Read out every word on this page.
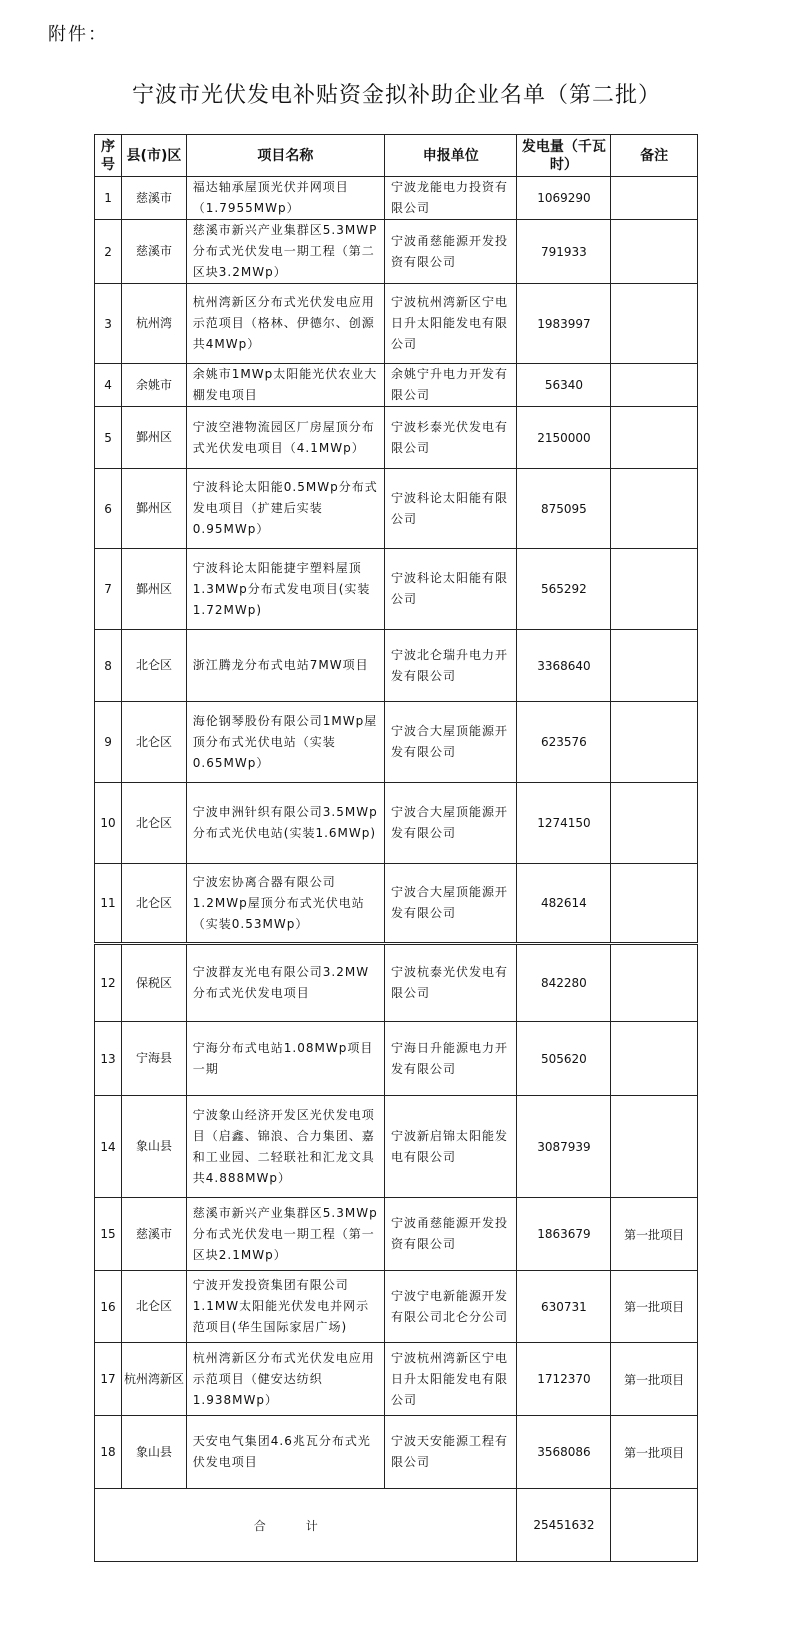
附件：
宁波市光伏发电补贴资金拟补助企业名单（第二批）
序号	县(市)区	项目名称	申报单位	发电量（千瓦时）	备注
1	慈溪市	福达轴承屋顶光伏并网项目（1.7955MWp）	宁波龙能电力投资有限公司	1069290	
2	慈溪市	慈溪市新兴产业集群区5.3MWP分布式光伏发电一期工程（第二区块3.2MWp）	宁波甬慈能源开发投资有限公司	791933	
3	杭州湾	杭州湾新区分布式光伏发电应用示范项目（格林、伊德尔、创源共4MWp）	宁波杭州湾新区宁电日升太阳能发电有限公司	1983997	
4	余姚市	余姚市1MWp太阳能光伏农业大棚发电项目	余姚宁升电力开发有限公司	56340	
5	鄞州区	宁波空港物流园区厂房屋顶分布式光伏发电项目（4.1MWp）	宁波杉泰光伏发电有限公司	2150000	
6	鄞州区	宁波科论太阳能0.5MWp分布式发电项目（扩建后实装0.95MWp）	宁波科论太阳能有限公司	875095	
7	鄞州区	宁波科论太阳能捷宇塑料屋顶1.3MWp分布式发电项目(实装1.72MWp)	宁波科论太阳能有限公司	565292	
8	北仑区	浙江腾龙分布式电站7MW项目	宁波北仑瑞升电力开发有限公司	3368640	
9	北仑区	海伦钢琴股份有限公司1MWp屋顶分布式光伏电站（实装0.65MWp）	宁波合大屋顶能源开发有限公司	623576	
10	北仑区	宁波申洲针织有限公司3.5MWp分布式光伏电站(实装1.6MWp)	宁波合大屋顶能源开发有限公司	1274150	
11	北仑区	宁波宏协离合器有限公司1.2MWp屋顶分布式光伏电站（实装0.53MWp）	宁波合大屋顶能源开发有限公司	482614	
12	保税区	宁波群友光电有限公司3.2MW分布式光伏发电项目	宁波杭泰光伏发电有限公司	842280	
13	宁海县	宁海分布式电站1.08MWp项目一期	宁海日升能源电力开发有限公司	505620	
14	象山县	宁波象山经济开发区光伏发电项目（启鑫、锦浪、合力集团、嘉和工业园、二轻联社和汇龙文具共4.888MWp）	宁波新启锦太阳能发电有限公司	3087939	
15	慈溪市	慈溪市新兴产业集群区5.3MWp分布式光伏发电一期工程（第一区块2.1MWp）	宁波甬慈能源开发投资有限公司	1863679	第一批项目
16	北仑区	宁波开发投资集团有限公司1.1MW太阳能光伏发电并网示范项目(华生国际家居广场)	宁波宁电新能源开发有限公司北仑分公司	630731	第一批项目
17	杭州湾新区	杭州湾新区分布式光伏发电应用示范项目（健安达纺织1.938MWp）	宁波杭州湾新区宁电日升太阳能发电有限公司	1712370	第一批项目
18	象山县	天安电气集团4.6兆瓦分布式光伏发电项目	宁波天安能源工程有限公司	3568086	第一批项目
合计				25451632	
